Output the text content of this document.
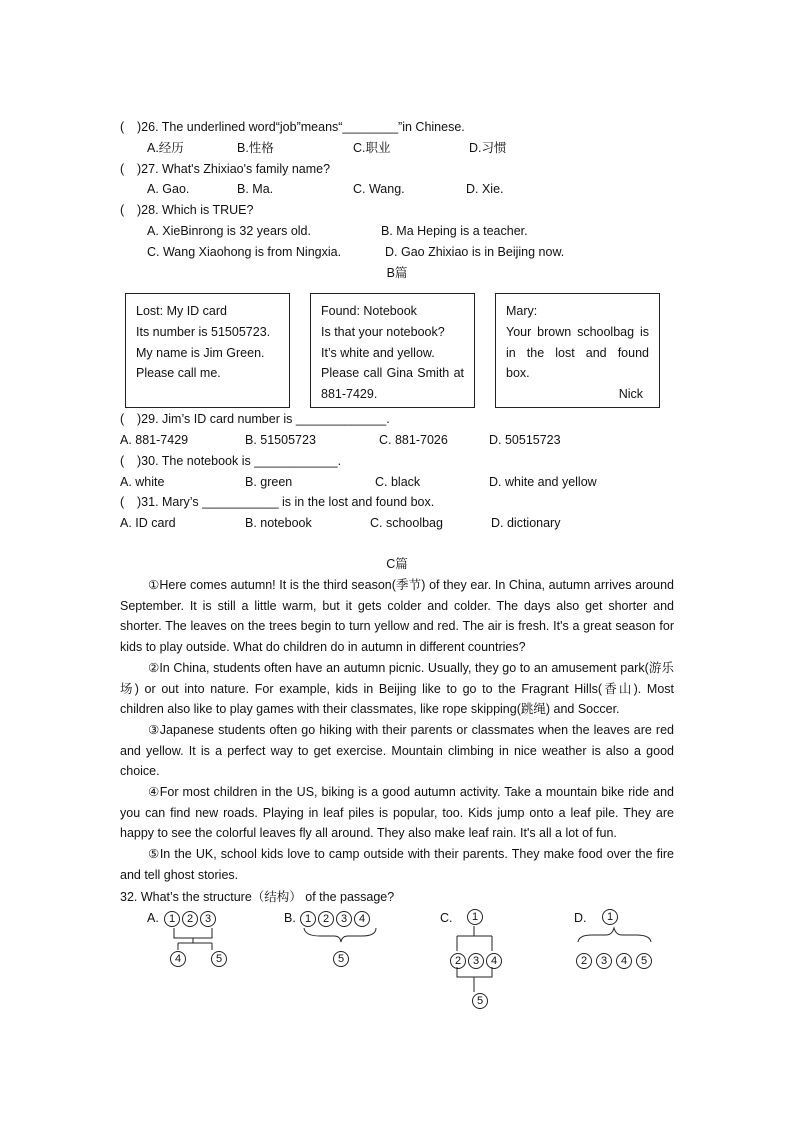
( )26. The underlined word“job”means“________”in Chinese.
A.经历	B.性格	C.职业	D.习惯
( )27. What's Zhixiao's family name?
A. Gao.	B. Ma.	C. Wang.	D. Xie.
( )28. Which is TRUE?
A. XieBinrong is 32 years old.	B. Ma Heping is a teacher.
C. Wang Xiaohong is from Ningxia.	D. Gao Zhixiao is in Beijing now.
B篇
Lost: My ID card
Its number is 51505723.
My name is Jim Green.
Please call me.
Found: Notebook
Is that your notebook?
It’s white and yellow.
Please call Gina Smith at
881-7429.
Mary:
Your brown schoolbag is
in the lost and found
box.
Nick
( )29. Jim’s ID card number is _____________.
A. 881-7429	B. 51505723	C. 881-7026	D. 50515723
( )30. The notebook is ____________.
A. white	B. green	C. black	D. white and yellow
( )31. Mary’s ___________ is in the lost and found box.
A. ID card	B. notebook	C. schoolbag	D. dictionary
C篇

①Here comes autumn! It is the third season(季节) of they ear. In China, autumn arrives around September. It is still a little warm, but it gets colder and colder. The days also get shorter and shorter. The leaves on the trees begin to turn yellow and red. The air is fresh. It's a great season for kids to play outside. What do children do in autumn in different countries?

②In China, students often have an autumn picnic. Usually, they go to an amusement park(游乐场) or out into nature. For example, kids in Beijing like to go to the Fragrant Hills(香山). Most children also like to play games with their classmates, like rope skipping(跳绳) and Soccer.

③Japanese students often go hiking with their parents or classmates when the leaves are red and yellow. It is a perfect way to get exercise. Mountain climbing in nice weather is also a good choice.

④For most children in the US, biking is a good autumn activity. Take a mountain bike ride and you can find new roads. Playing in leaf piles is popular, too. Kids jump onto a leaf pile. They are happy to see the colorful leaves fly all around. They also make leaf rain. It's all a lot of fun.

⑤In the UK, school kids love to camp outside with their parents. They make food over the fire and tell ghost stories.

32. What’s the structure（结构） of the passage?
A. 1 2 3
4	5
B. 1 2 3 4
5
C.	1
2 3 4
5
D.	1
2 3 4 5
